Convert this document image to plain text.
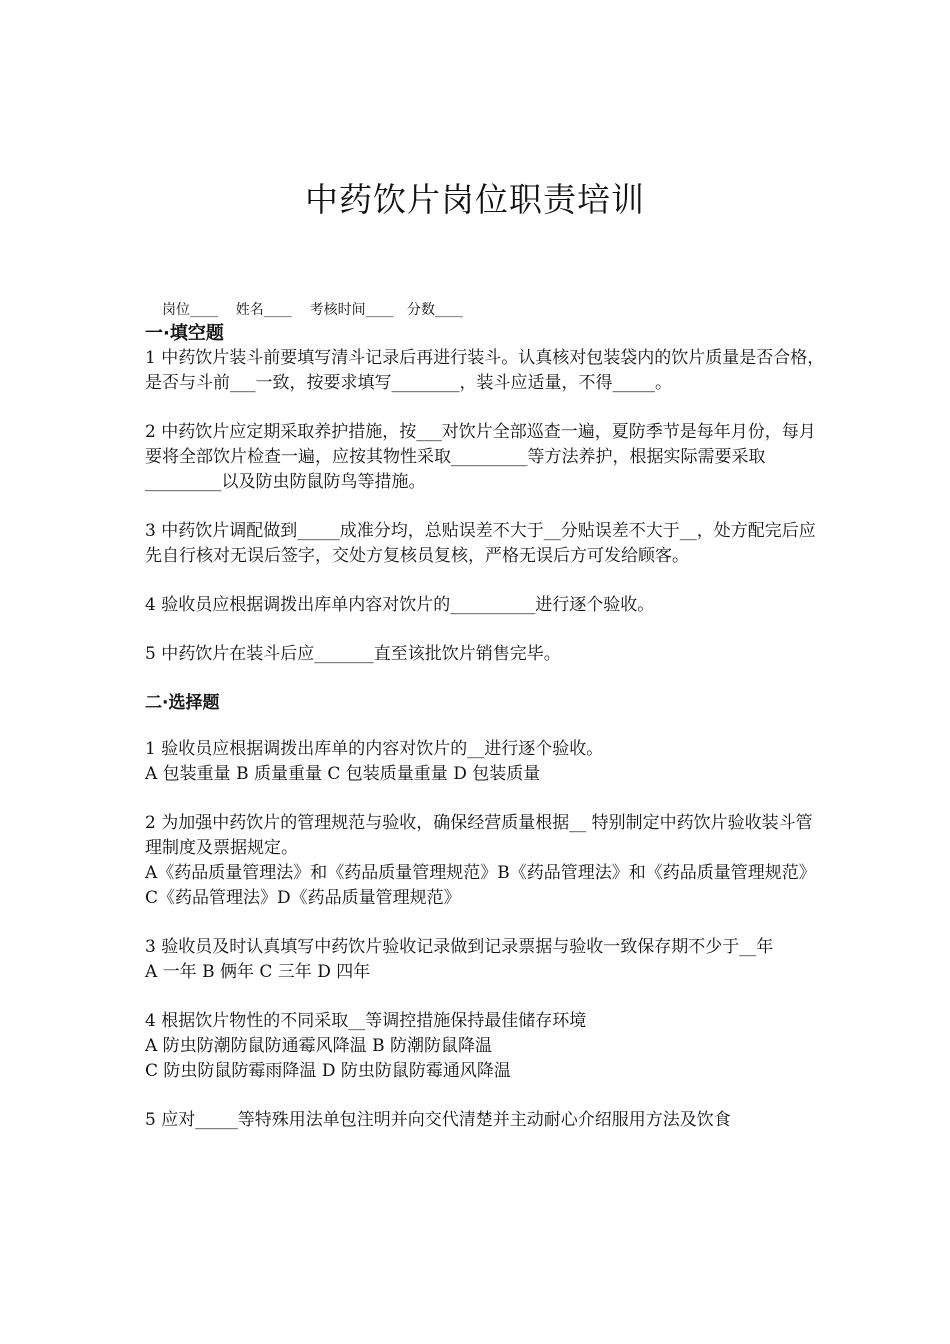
中药饮片岗位职责培训
岗位____    姓名____    考核时间____   分数____
一·填空题

1 中药饮片装斗前要填写清斗记录后再进行装斗。认真核对包装袋内的饮片质量是否合格，是否与斗前___一致，按要求填写________，装斗应适量，不得_____。

2 中药饮片应定期采取养护措施，按___对饮片全部巡查一遍，夏防季节是每年月份，每月要将全部饮片检查一遍，应按其物性采取_________等方法养护，根据实际需要采取_________以及防虫防鼠防鸟等措施。

3 中药饮片调配做到_____成准分均，总贴误差不大于__分贴误差不大于__，处方配完后应先自行核对无误后签字，交处方复核员复核，严格无误后方可发给顾客。

4 验收员应根据调拨出库单内容对饮片的__________进行逐个验收。

5 中药饮片在装斗后应_______直至该批饮片销售完毕。

二·选择题

1 验收员应根据调拨出库单的内容对饮片的__进行逐个验收。

A 包装重量 B 质量重量 C 包装质量重量 D 包装质量

2 为加强中药饮片的管理规范与验收，确保经营质量根据__ 特别制定中药饮片验收装斗管理制度及票据规定。

A《药品质量管理法》和《药品质量管理规范》B《药品管理法》和《药品质量管理规范》

C《药品管理法》D《药品质量管理规范》

3 验收员及时认真填写中药饮片验收记录做到记录票据与验收一致保存期不少于__年

A 一年 B 俩年 C 三年 D 四年

4 根据饮片物性的不同采取__等调控措施保持最佳储存环境

A 防虫防潮防鼠防通霉风降温 B 防潮防鼠降温

C 防虫防鼠防霉雨降温 D 防虫防鼠防霉通风降温

5 应对_____等特殊用法单包注明并向交代清楚并主动耐心介绍服用方法及饮食
